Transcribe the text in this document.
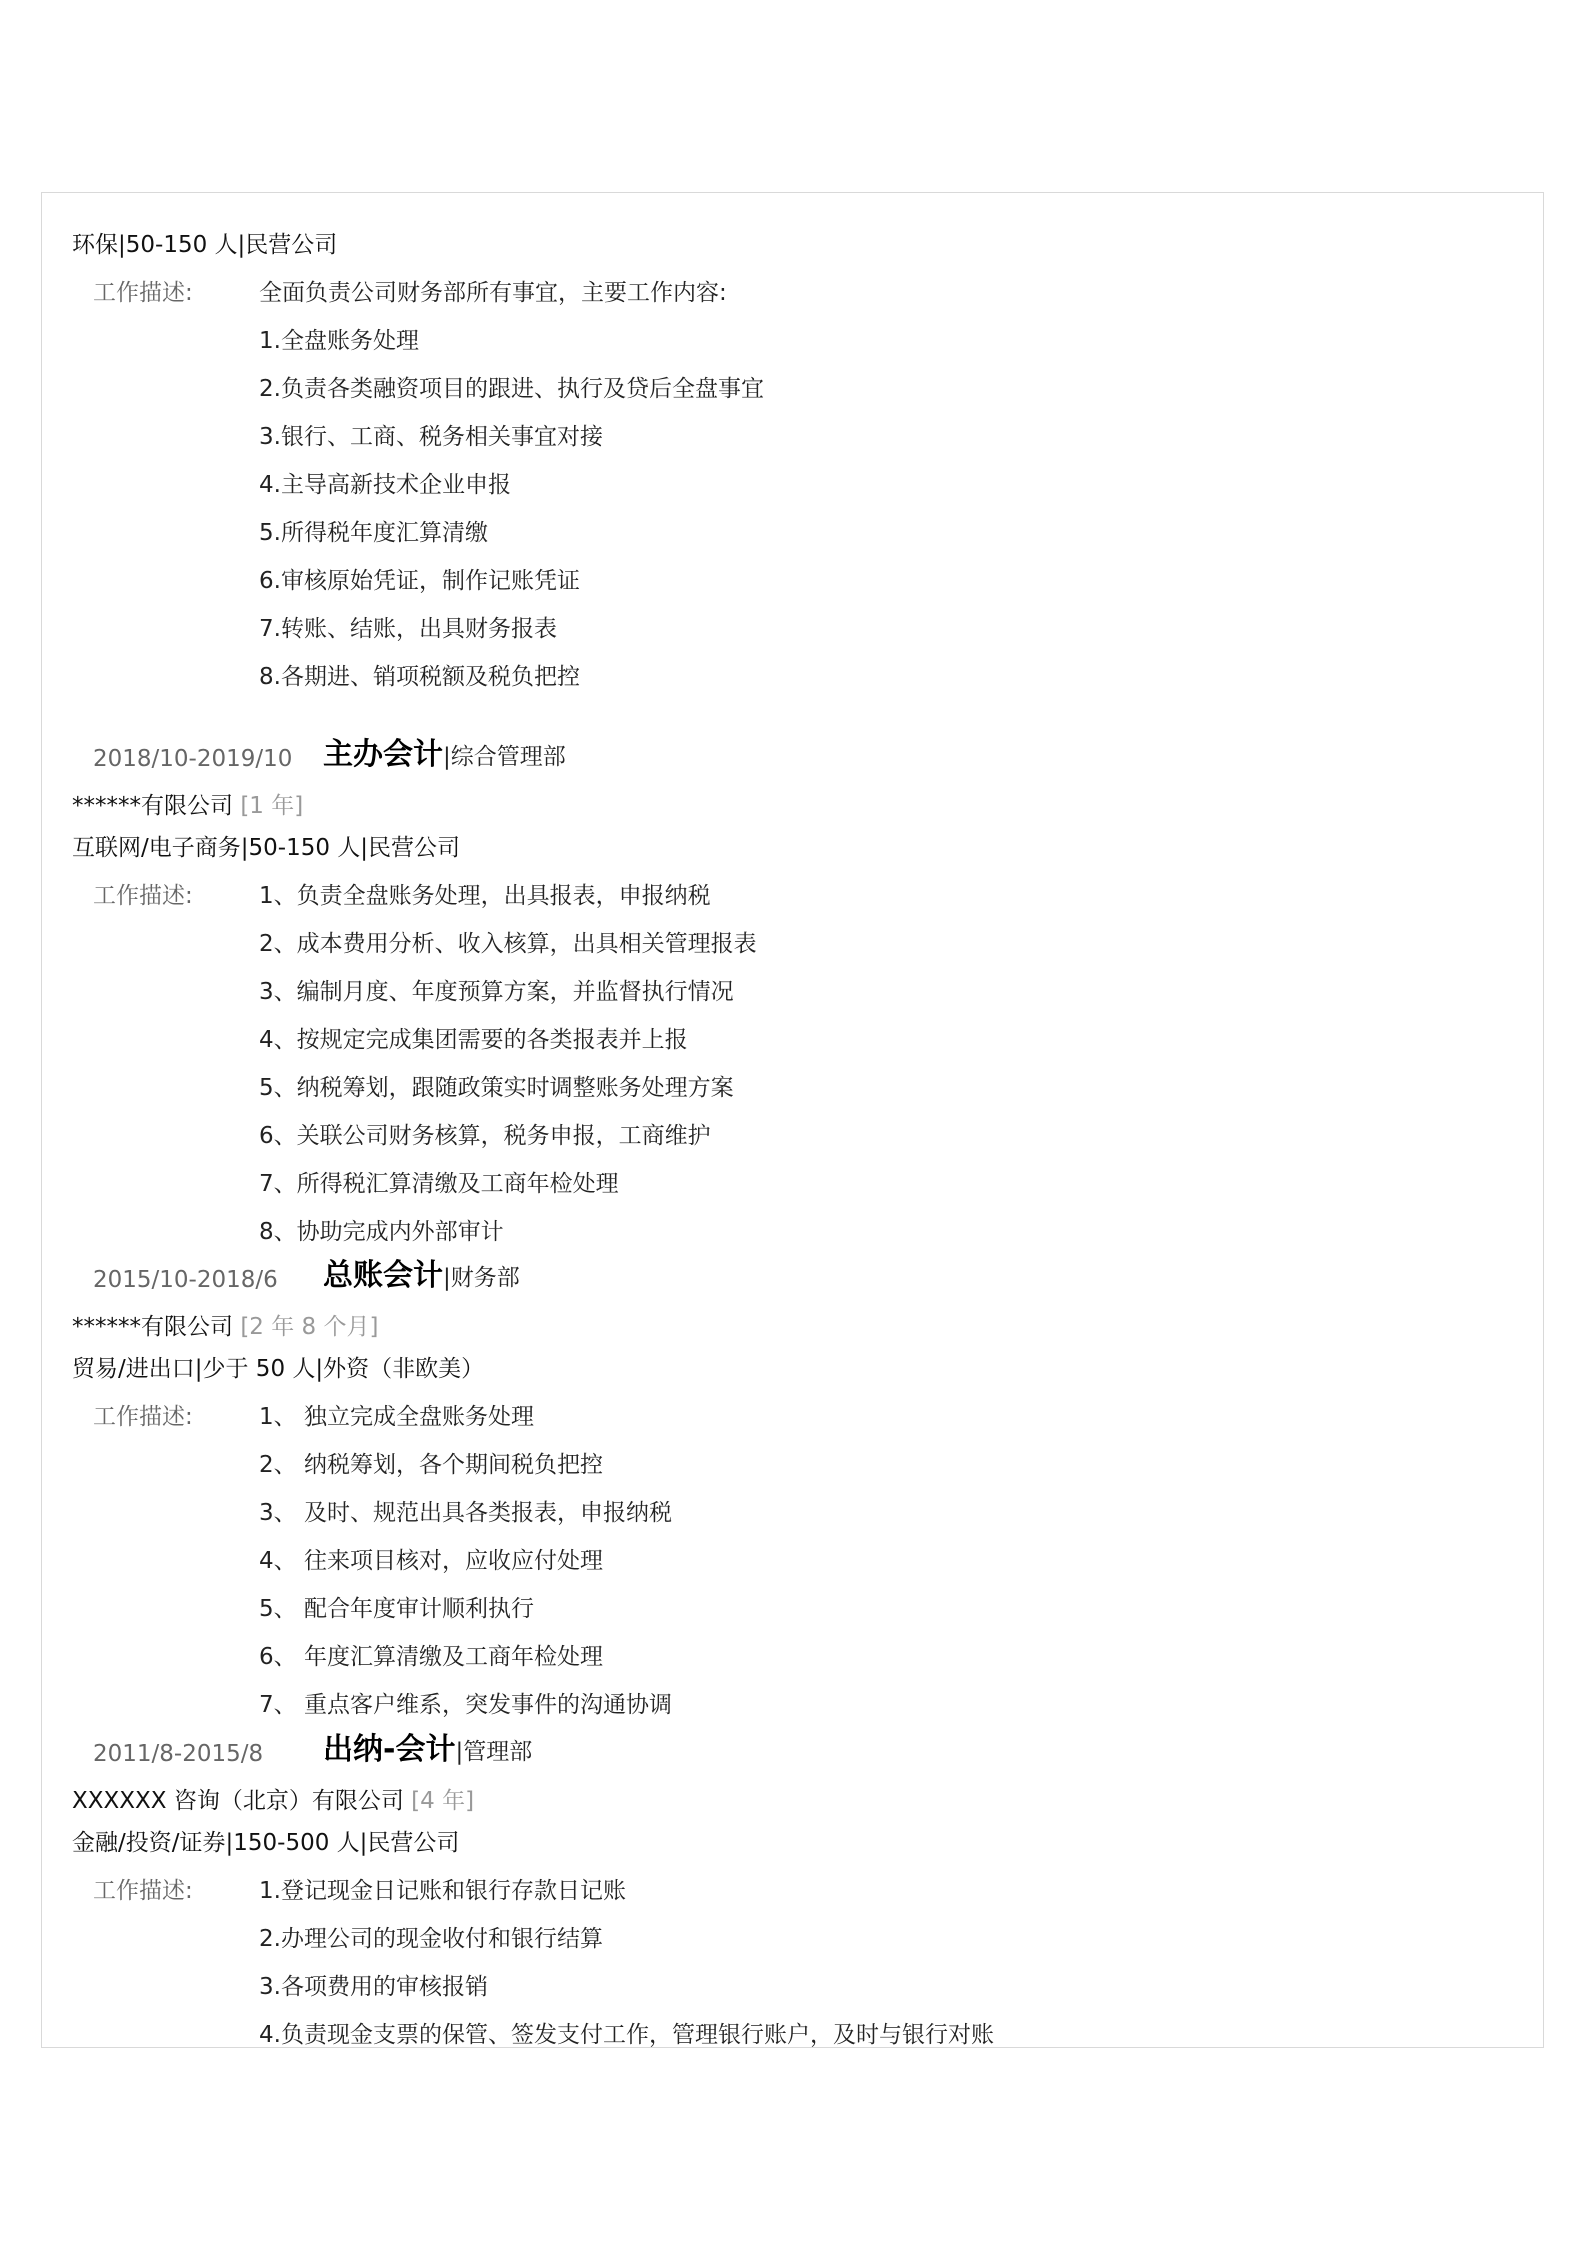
环保|50-150 人|民营公司
工作描述:	全面负责公司财务部所有事宜，主要工作内容:
1.全盘账务处理
2.负责各类融资项目的跟进、执行及贷后全盘事宜
3.银行、工商、税务相关事宜对接
4.主导高新技术企业申报
5.所得税年度汇算清缴
6.审核原始凭证，制作记账凭证
7.转账、结账，出具财务报表
8.各期进、销项税额及税负把控
2018/10-2019/10 主办会计|综合管理部
******有限公司 [1 年]
互联网/电子商务|50-150 人|民营公司
工作描述:	1、负责全盘账务处理，出具报表，申报纳税
2、成本费用分析、收入核算，出具相关管理报表
3、编制月度、年度预算方案，并监督执行情况
4、按规定完成集团需要的各类报表并上报
5、纳税筹划，跟随政策实时调整账务处理方案
6、关联公司财务核算，税务申报，工商维护
7、所得税汇算清缴及工商年检处理
8、协助完成内外部审计
2015/10-2018/6 总账会计|财务部
******有限公司 [2 年 8 个月]
贸易/进出口|少于 50 人|外资（非欧美）
工作描述:	1、 独立完成全盘账务处理
2、 纳税筹划，各个期间税负把控
3、 及时、规范出具各类报表，申报纳税
4、 往来项目核对，应收应付处理
5、 配合年度审计顺利执行
6、 年度汇算清缴及工商年检处理
7、 重点客户维系，突发事件的沟通协调
2011/8-2015/8 出纳-会计|管理部
XXXXXX 咨询（北京）有限公司 [4 年]
金融/投资/证券|150-500 人|民营公司
工作描述:	1.登记现金日记账和银行存款日记账
2.办理公司的现金收付和银行结算
3.各项费用的审核报销
4.负责现金支票的保管、签发支付工作，管理银行账户，及时与银行对账
